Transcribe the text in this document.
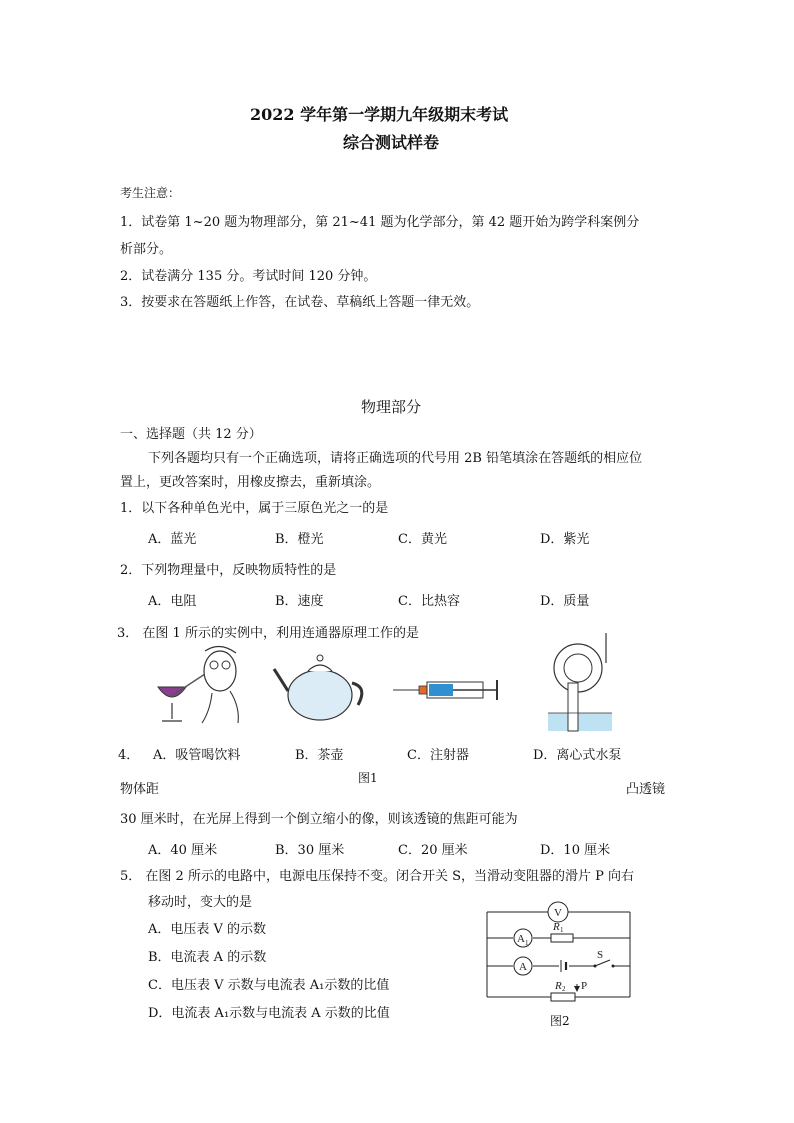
2022 学年第一学期九年级期末考试
综合测试样卷
考生注意：
1．试卷第 1~20 题为物理部分，第 21~41 题为化学部分，第 42 题开始为跨学科案例分
析部分。
2．试卷满分 135 分。考试时间 120 分钟。
3．按要求在答题纸上作答，在试卷、草稿纸上答题一律无效。
物理部分
一、选择题（共 12 分）
下列各题均只有一个正确选项，请将正确选项的代号用 2B 铅笔填涂在答题纸的相应位
置上，更改答案时，用橡皮擦去，重新填涂。
1．以下各种单色光中，属于三原色光之一的是
A．蓝光	B．橙光	C．黄光	D．紫光
2．下列物理量中，反映物质特性的是
A．电阻	B．速度	C．比热容	D．质量
3． 在图 1 所示的实例中，利用连通器原理工作的是
4． A．吸管喝饮料	B．茶壶	C．注射器	D．离心式水泵
物体距
图1
凸透镜
30 厘米时，在光屏上得到一个倒立缩小的像，则该透镜的焦距可能为
A．40 厘米	B．30 厘米	C．20 厘米	D．10 厘米
5． 在图 2 所示的电路中，电源电压保持不变。闭合开关 S，当滑动变阻器的滑片 P 向右
移动时，变大的是
A．电压表 V 的示数
B．电流表 A 的示数
C．电压表 V 示数与电流表 A₁示数的比值
D．电流表 A₁示数与电流表 A 示数的比值
V
A 1
A
R 1
S
R 2 P
图2
